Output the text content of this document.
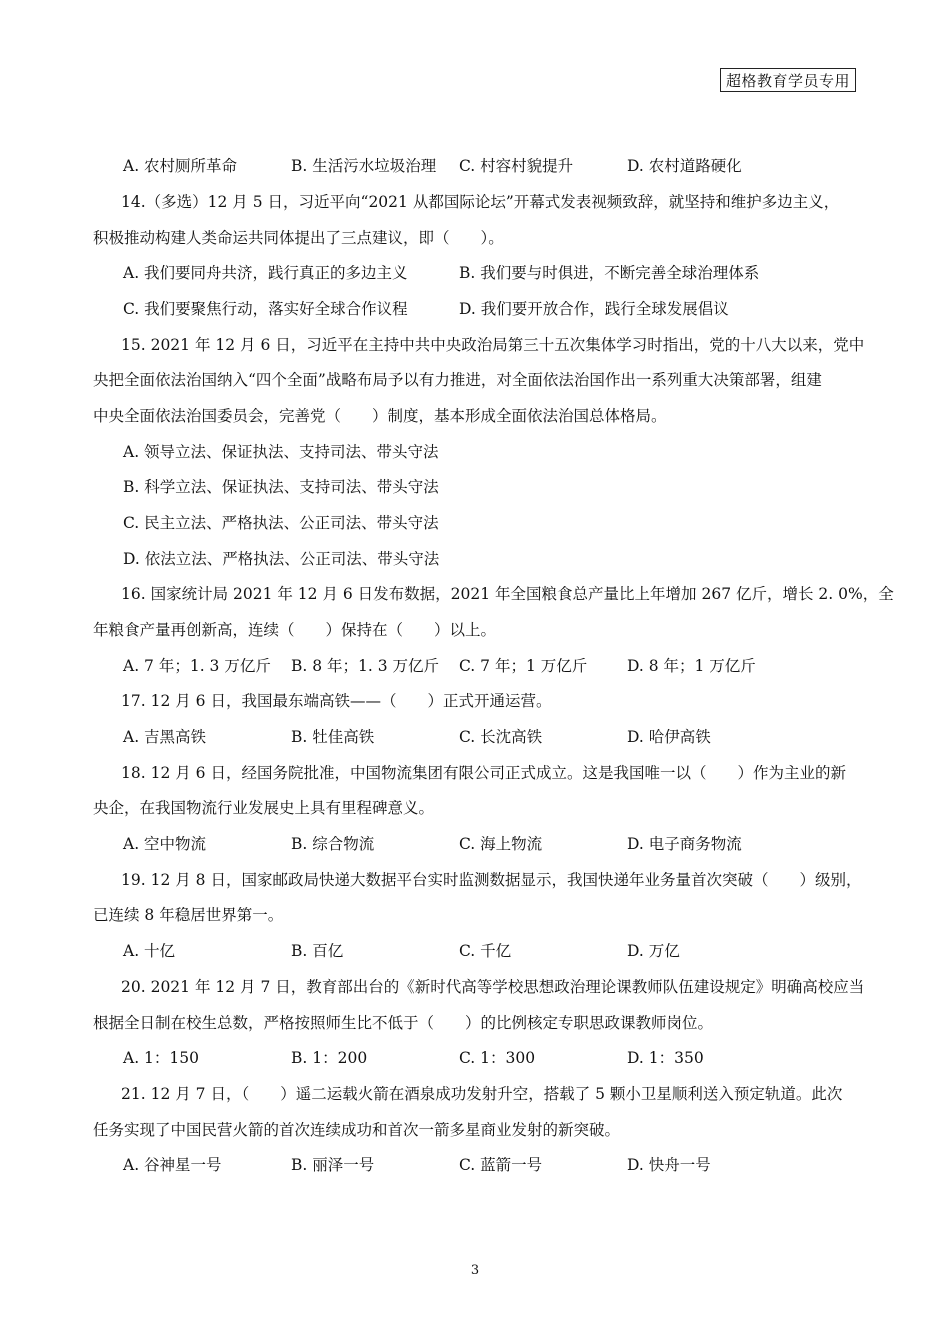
超格教育学员专用
A. 农村厕所革命	B. 生活污水垃圾治理 C. 村容村貌提升	D. 农村道路硬化
14.（多选）12 月 5 日，习近平向“2021 从都国际论坛”开幕式发表视频致辞，就坚持和维护多边主义，
积极推动构建人类命运共同体提出了三点建议，即（　　）。
A. 我们要同舟共济，践行真正的多边主义	B. 我们要与时俱进，不断完善全球治理体系
C. 我们要聚焦行动，落实好全球合作议程	D. 我们要开放合作，践行全球发展倡议
15. 2021 年 12 月 6 日，习近平在主持中共中央政治局第三十五次集体学习时指出，党的十八大以来，党中
央把全面依法治国纳入“四个全面”战略布局予以有力推进，对全面依法治国作出一系列重大决策部署，组建
中央全面依法治国委员会，完善党（　　）制度，基本形成全面依法治国总体格局。
A. 领导立法、保证执法、支持司法、带头守法
B. 科学立法、保证执法、支持司法、带头守法
C. 民主立法、严格执法、公正司法、带头守法
D. 依法立法、严格执法、公正司法、带头守法
16. 国家统计局 2021 年 12 月 6 日发布数据，2021 年全国粮食总产量比上年增加 267 亿斤，增长 2. 0%，全
年粮食产量再创新高，连续（　　）保持在（　　）以上。
A. 7 年；1. 3 万亿斤 B. 8 年；1. 3 万亿斤 C. 7 年；1 万亿斤	D. 8 年；1 万亿斤
17. 12 月 6 日，我国最东端高铁——（　　）正式开通运营。
A. 吉黑高铁	B. 牡佳高铁	C. 长沈高铁	D. 哈伊高铁
18. 12 月 6 日，经国务院批准，中国物流集团有限公司正式成立。这是我国唯一以（　　）作为主业的新
央企，在我国物流行业发展史上具有里程碑意义。
A. 空中物流	B. 综合物流	C. 海上物流	D. 电子商务物流
19. 12 月 8 日，国家邮政局快递大数据平台实时监测数据显示，我国快递年业务量首次突破（　　）级别，
已连续 8 年稳居世界第一。
A. 十亿	B. 百亿	C. 千亿	D. 万亿
20. 2021 年 12 月 7 日，教育部出台的《新时代高等学校思想政治理论课教师队伍建设规定》明确高校应当
根据全日制在校生总数，严格按照师生比不低于（　　）的比例核定专职思政课教师岗位。
A. 1：150	B. 1：200	C. 1：300	D. 1：350
21. 12 月 7 日，（　　）遥二运载火箭在酒泉成功发射升空，搭载了 5 颗小卫星顺利送入预定轨道。此次
任务实现了中国民营火箭的首次连续成功和首次一箭多星商业发射的新突破。
A. 谷神星一号	B. 丽泽一号	C. 蓝箭一号	D. 快舟一号
3
